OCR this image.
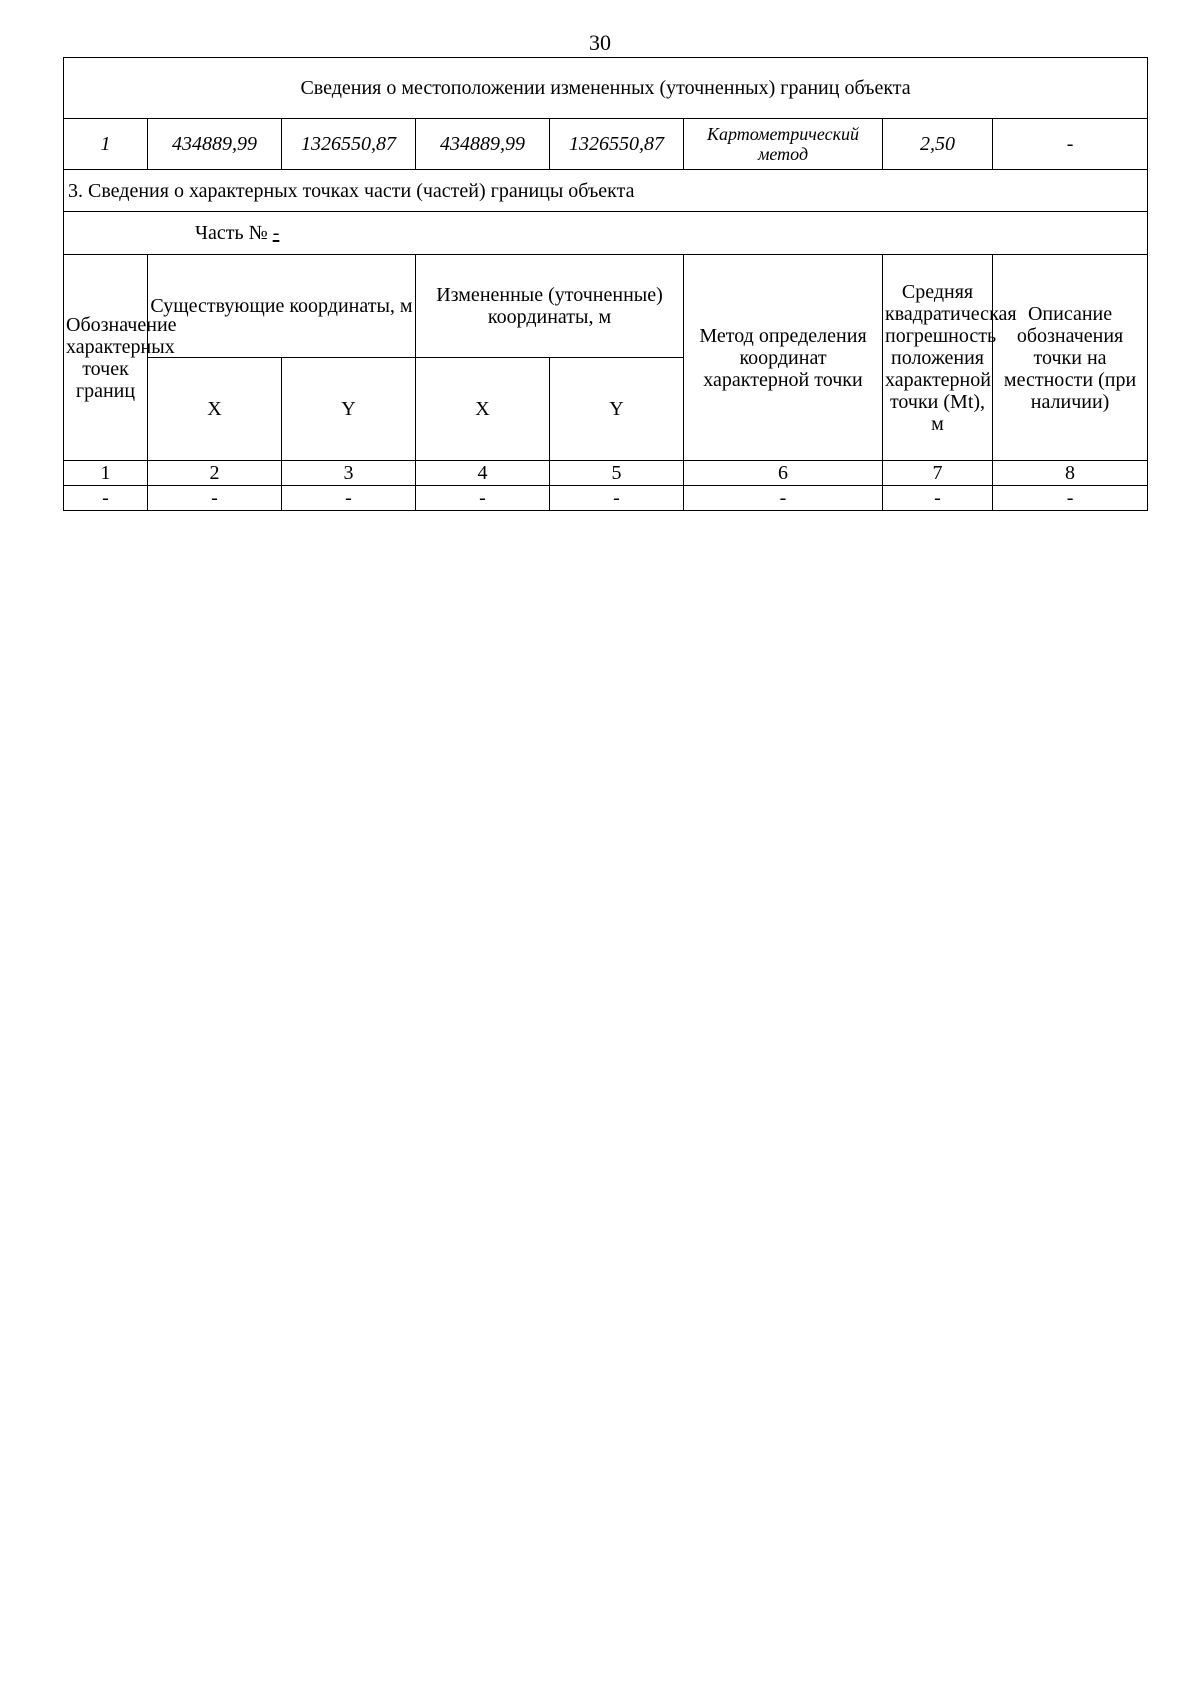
30
Сведения о местоположении измененных (уточненных) границ объекта							
1	434889,99	1326550,87	434889,99	1326550,87	Картометрический метод	2,50	-
3. Сведения о характерных точках части (частей) границы объекта							
Часть № -							
Обозначение характерных точек границ	Существующие координаты, м		Измененные (уточненные) координаты, м		Метод определения координат характерной точки	Средняя квадратическая погрешность положения характерной точки (Mt), м	Описание обозначения точки на местности (при наличии)
	X	Y	X	Y			
1	2	3	4	5	6	7	8
-	-	-	-	-	-	-	-
